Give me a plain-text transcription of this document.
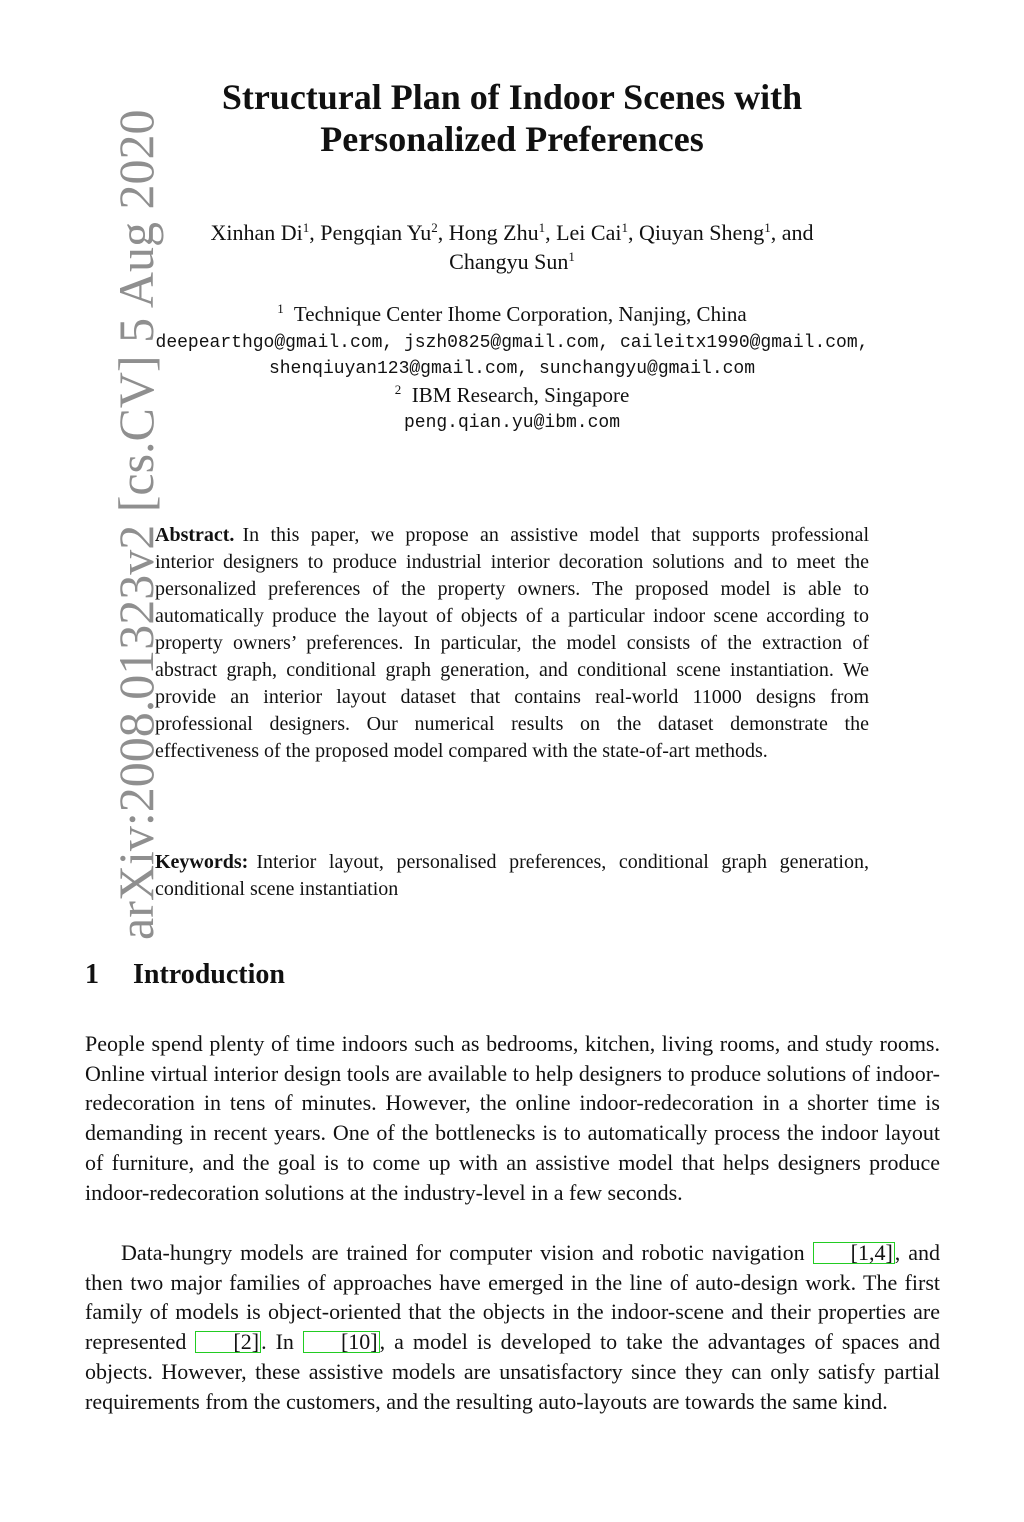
arXiv:2008.01323v2 [cs.CV] 5 Aug 2020
Structural Plan of Indoor Scenes with
Personalized Preferences
Xinhan Di$^1$, Pengqian Yu$^2$, Hong Zhu$^1$, Lei Cai$^1$, Qiuyan Sheng$^1$, and
Changyu Sun$^1$
$^1$ Technique Center Ihome Corporation, Nanjing, China
deepearthgo@gmail.com, jszh0825@gmail.com, caileitx1990@gmail.com,
shenqiuyan123@gmail.com, sunchangyu@gmail.com
$^2$ IBM Research, Singapore
peng.qian.yu@ibm.com
Abstract. In this paper, we propose an assistive model that supports professional interior designers to produce industrial interior decoration solutions and to meet the personalized preferences of the property owners. The proposed model is able to automatically produce the layout of objects of a particular indoor scene according to property owners’ preferences. In particular, the model consists of the extraction of abstract graph, conditional graph generation, and conditional scene instantiation. We provide an interior layout dataset that contains real-world 11000 designs from professional designers. Our numerical results on the dataset demonstrate the effectiveness of the proposed model compared with the state-of-art methods.
Keywords: Interior layout, personalised preferences, conditional graph generation, conditional scene instantiation
1 Introduction

People spend plenty of time indoors such as bedrooms, kitchen, living rooms, and study rooms. Online virtual interior design tools are available to help designers to produce solutions of indoor-redecoration in tens of minutes. However, the online indoor-redecoration in a shorter time is demanding in recent years. One of the bottlenecks is to automatically process the indoor layout of furniture, and the goal is to come up with an assistive model that helps designers produce indoor-redecoration solutions at the industry-level in a few seconds.

Data-hungry models are trained for computer vision and robotic navigation [1,4], and then two major families of approaches have emerged in the line of auto-design work. The first family of models is object-oriented that the objects in the indoor-scene and their properties are represented [2]. In [10], a model is developed to take the advantages of spaces and objects. However, these assistive models are unsatisfactory since they can only satisfy partial requirements from the customers, and the resulting auto-layouts are towards the same kind.
